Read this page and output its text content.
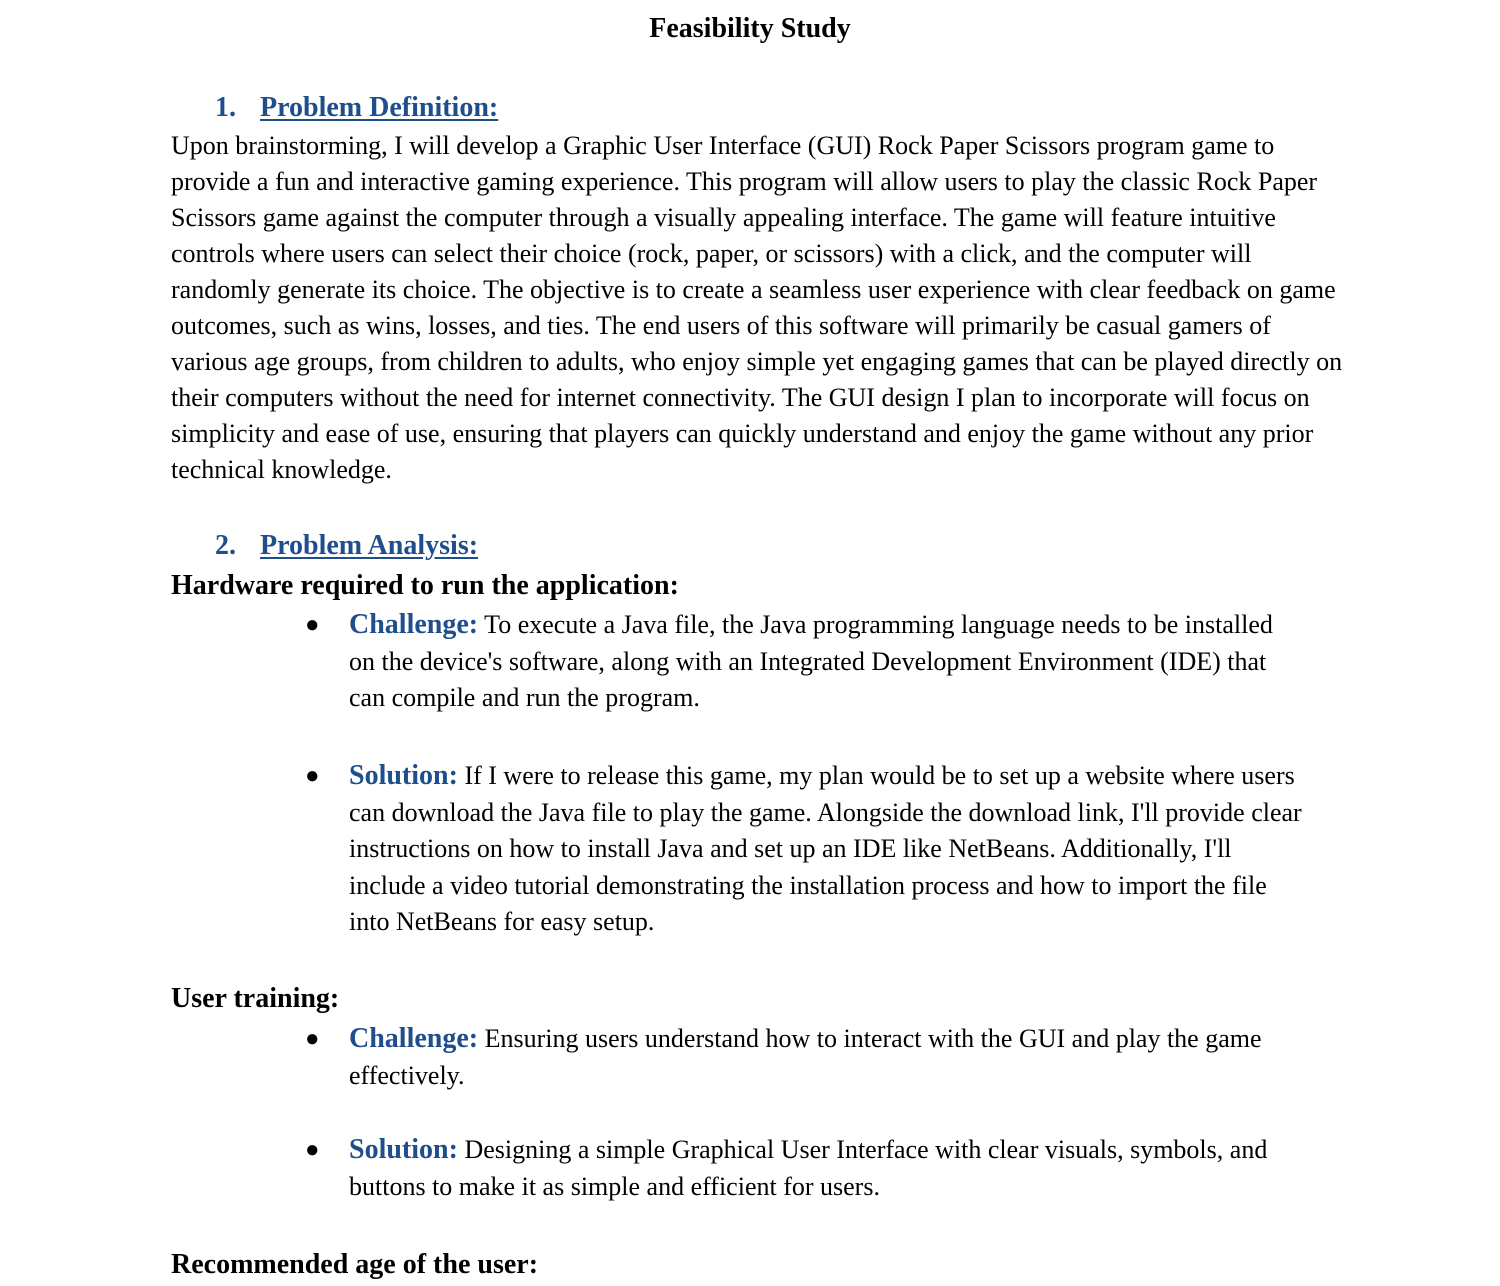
Feasibility Study
1. Problem Definition:
Upon brainstorming, I will develop a Graphic User Interface (GUI) Rock Paper Scissors program game to provide a fun and interactive gaming experience. This program will allow users to play the classic Rock Paper Scissors game against the computer through a visually appealing interface. The game will feature intuitive controls where users can select their choice (rock, paper, or scissors) with a click, and the computer will randomly generate its choice. The objective is to create a seamless user experience with clear feedback on game outcomes, such as wins, losses, and ties. The end users of this software will primarily be casual gamers of various age groups, from children to adults, who enjoy simple yet engaging games that can be played directly on their computers without the need for internet connectivity. The GUI design I plan to incorporate will focus on simplicity and ease of use, ensuring that players can quickly understand and enjoy the game without any prior technical knowledge.
2. Problem Analysis:
Hardware required to run the application:
● Challenge: To execute a Java file, the Java programming language needs to be installed on the device's software, along with an Integrated Development Environment (IDE) that can compile and run the program.
● Solution: If I were to release this game, my plan would be to set up a website where users can download the Java file to play the game. Alongside the download link, I'll provide clear instructions on how to install Java and set up an IDE like NetBeans. Additionally, I'll include a video tutorial demonstrating the installation process and how to import the file into NetBeans for easy setup.
User training:
● Challenge: Ensuring users understand how to interact with the GUI and play the game effectively.
● Solution: Designing a simple Graphical User Interface with clear visuals, symbols, and buttons to make it as simple and efficient for users.
Recommended age of the user:
